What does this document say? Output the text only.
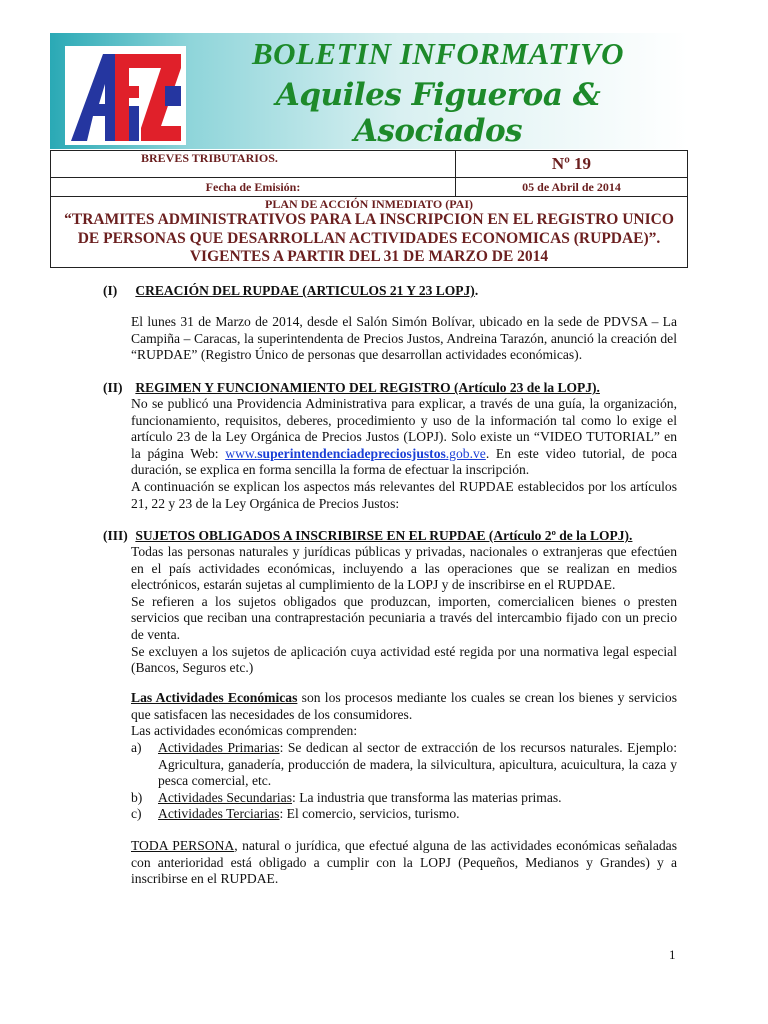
BOLETIN INFORMATIVO
Aquiles Figueroa & Asociados
BREVES TRIBUTARIOS.	Nº 19
Fecha de Emisión:	05 de Abril de 2014

PLAN DE ACCIÓN INMEDIATO (PAI)	

“TRAMITES ADMINISTRATIVOS PARA LA INSCRIPCION EN EL REGISTRO UNICO DE PERSONAS QUE DESARROLLAN ACTIVIDADES ECONOMICAS (RUPDAE)”. VIGENTES A PARTIR DEL 31 DE MARZO DE 2014	
(I) CREACIÓN DEL RUPDAE (ARTICULOS 21 Y 23 LOPJ).

El lunes 31 de Marzo de 2014, desde el Salón Simón Bolívar, ubicado en la sede de PDVSA – La Campiña – Caracas, la superintendenta de Precios Justos, Andreina Tarazón, anunció la creación del “RUPDAE” (Registro Único de personas que desarrollan actividades económicas).

(II) REGIMEN Y FUNCIONAMIENTO DEL REGISTRO (Artículo 23 de la LOPJ).

No se publicó una Providencia Administrativa para explicar, a través de una guía, la organización, funcionamiento, requisitos, deberes, procedimiento y uso de la información tal como lo exige el artículo 23 de la Ley Orgánica de Precios Justos (LOPJ). Solo existe un “VIDEO TUTORIAL” en la página Web: www.superintendenciadepreciosjustos.gob.ve. En este video tutorial, de poca duración, se explica en forma sencilla la forma de efectuar la inscripción.

A continuación se explican los aspectos más relevantes del RUPDAE establecidos por los artículos 21, 22 y 23 de la Ley Orgánica de Precios Justos:

(III) SUJETOS OBLIGADOS A INSCRIBIRSE EN EL RUPDAE (Artículo 2º de la LOPJ).

Todas las personas naturales y jurídicas públicas y privadas, nacionales o extranjeras que efectúen en el país actividades económicas, incluyendo a las operaciones que se realizan en medios electrónicos, estarán sujetas al cumplimiento de la LOPJ y de inscribirse en el RUPDAE.

Se refieren a los sujetos obligados que produzcan, importen, comercialicen bienes o presten servicios que reciban una contraprestación pecuniaria a través del intercambio fijado con un precio de venta.

Se excluyen a los sujetos de aplicación cuya actividad esté regida por una normativa legal especial (Bancos, Seguros etc.)

Las Actividades Económicas son los procesos mediante los cuales se crean los bienes y servicios que satisfacen las necesidades de los consumidores.

Las actividades económicas comprenden:

a) Actividades Primarias: Se dedican al sector de extracción de los recursos naturales. Ejemplo: Agricultura, ganadería, producción de madera, la silvicultura, apicultura, acuicultura, la caza y pesca comercial, etc.
b) Actividades Secundarias: La industria que transforma las materias primas.
c) Actividades Terciarias: El comercio, servicios, turismo.

TODA PERSONA, natural o jurídica, que efectué alguna de las actividades económicas señaladas con anterioridad está obligado a cumplir con la LOPJ (Pequeños, Medianos y Grandes) y a inscribirse en el RUPDAE.

1
